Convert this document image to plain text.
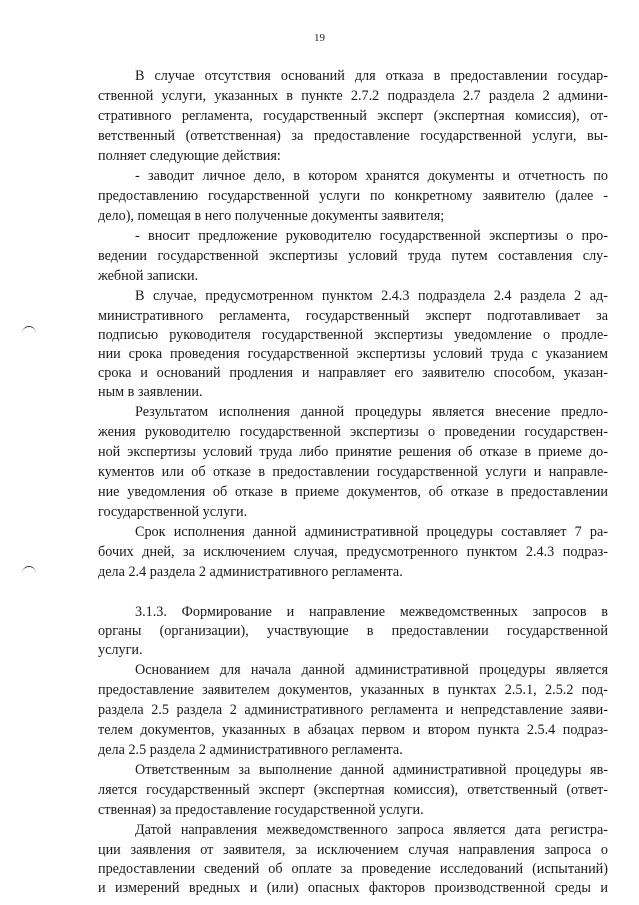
19
В случае отсутствия оснований для отказа в предоставлении государ-
ственной услуги, указанных в пункте 2.7.2 подраздела 2.7 раздела 2 админи-
стративного регламента, государственный эксперт (экспертная комиссия), от-
ветственный (ответственная) за предоставление государственной услуги, вы-
полняет следующие действия:
- заводит личное дело, в котором хранятся документы и отчетность по
предоставлению государственной услуги по конкретному заявителю (далее -
дело), помещая в него полученные документы заявителя;
- вносит предложение руководителю государственной экспертизы о про-
ведении государственной экспертизы условий труда путем составления слу-
жебной записки.
В случае, предусмотренном пунктом 2.4.3 подраздела 2.4 раздела 2 ад-
министративного регламента, государственный эксперт подготавливает за
подписью руководителя государственной экспертизы уведомление о продле-
нии срока проведения государственной экспертизы условий труда с указанием
срока и оснований продления и направляет его заявителю способом, указан-
ным в заявлении.
Результатом исполнения данной процедуры является внесение предло-
жения руководителю государственной экспертизы о проведении государствен-
ной экспертизы условий труда либо принятие решения об отказе в приеме до-
кументов или об отказе в предоставлении государственной услуги и направле-
ние уведомления об отказе в приеме документов, об отказе в предоставлении
государственной услуги.
Срок исполнения данной административной процедуры составляет 7 ра-
бочих дней, за исключением случая, предусмотренного пунктом 2.4.3 подраз-
дела 2.4 раздела 2 административного регламента.
3.1.3. Формирование и направление межведомственных запросов в
органы (организации), участвующие в предоставлении государственной
услуги.
Основанием для начала данной административной процедуры является
предоставление заявителем документов, указанных в пунктах 2.5.1, 2.5.2 под-
раздела 2.5 раздела 2 административного регламента и непредставление заяви-
телем документов, указанных в абзацах первом и втором пункта 2.5.4 подраз-
дела 2.5 раздела 2 административного регламента.
Ответственным за выполнение данной административной процедуры яв-
ляется государственный эксперт (экспертная комиссия), ответственный (ответ-
ственная) за предоставление государственной услуги.
Датой направления межведомственного запроса является дата регистра-
ции заявления от заявителя, за исключением случая направления запроса о
предоставлении сведений об оплате за проведение исследований (испытаний)
и измерений вредных и (или) опасных факторов производственной среды и
